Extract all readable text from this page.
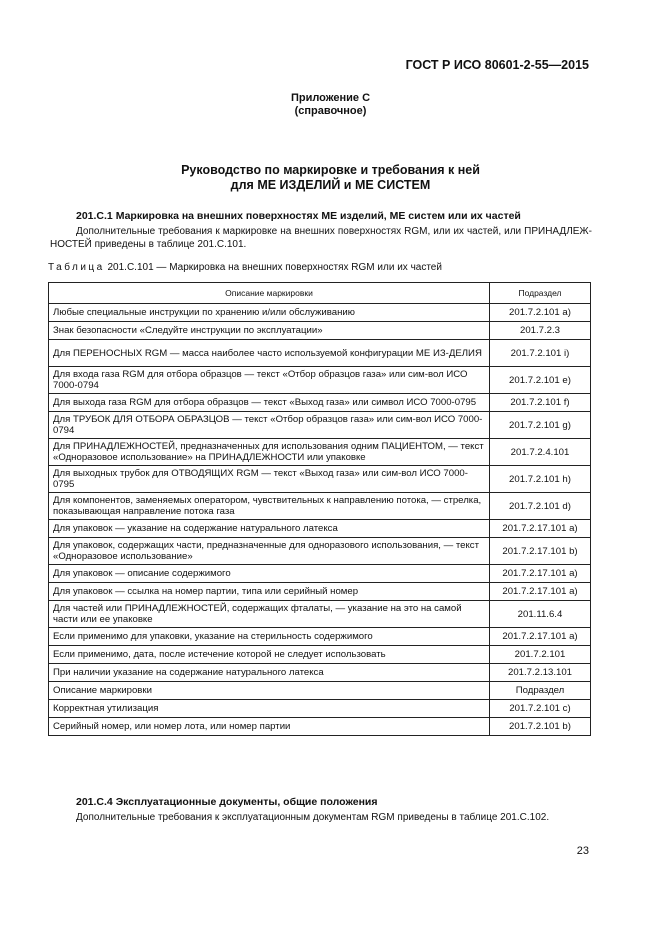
ГОСТ Р ИСО 80601-2-55—2015
Приложение С
(справочное)
Руководство по маркировке и требования к ней
для МЕ ИЗДЕЛИЙ и МЕ СИСТЕМ
201.С.1 Маркировка на внешних поверхностях МЕ изделий, МЕ систем или их частей
Дополнительные требования к маркировке на внешних поверхностях RGM, или их частей, или ПРИНАДЛЕЖ-НОСТЕЙ приведены в таблице 201.С.101.
Таблица 201.С.101 — Маркировка на внешних поверхностях RGM или их частей
Описание маркировки	Подраздел
Любые специальные инструкции по хранению и/или обслуживанию	201.7.2.101 a)
Знак безопасности «Следуйте инструкции по эксплуатации»	201.7.2.3
Для ПЕРЕНОСНЫХ RGM — масса наиболее часто используемой конфигурации МЕ ИЗ-ДЕЛИЯ	201.7.2.101 i)
Для входа газа RGM для отбора образцов — текст «Отбор образцов газа» или сим-вол ИСО 7000-0794	201.7.2.101 e)
Для выхода газа RGM для отбора образцов — текст «Выход газа» или символ ИСО 7000-0795	201.7.2.101 f)
Для ТРУБОК ДЛЯ ОТБОРА ОБРАЗЦОВ — текст «Отбор образцов газа» или сим-вол ИСО 7000-0794	201.7.2.101 g)
Для ПРИНАДЛЕЖНОСТЕЙ, предназначенных для использования одним ПАЦИЕНТОМ, — текст «Одноразовое использование» на ПРИНАДЛЕЖНОСТИ или упаковке	201.7.2.4.101
Для выходных трубок для ОТВОДЯЩИХ RGM — текст «Выход газа» или сим-вол ИСО 7000-0795	201.7.2.101 h)
Для компонентов, заменяемых оператором, чувствительных к направлению потока, — стрелка, показывающая направление потока газа	201.7.2.101 d)
Для упаковок — указание на содержание натурального латекса	201.7.2.17.101 a)
Для упаковок, содержащих части, предназначенные для одноразового использования, — текст «Одноразовое использование»	201.7.2.17.101 b)
Для упаковок — описание содержимого	201.7.2.17.101 a)
Для упаковок — ссылка на номер партии, типа или серийный номер	201.7.2.17.101 a)
Для частей или ПРИНАДЛЕЖНОСТЕЙ, содержащих фталаты, — указание на это на самой части или ее упаковке	201.11.6.4
Если применимо для упаковки, указание на стерильность содержимого	201.7.2.17.101 a)
Если применимо, дата, после истечение которой не следует использовать	201.7.2.101
При наличии указание на содержание натурального латекса	201.7.2.13.101
Описание маркировки	Подраздел
Корректная утилизация	201.7.2.101 c)
Серийный номер, или номер лота, или номер партии	201.7.2.101 b)
201.С.4 Эксплуатационные документы, общие положения
Дополнительные требования к эксплуатационным документам RGM приведены в таблице 201.С.102.
23
